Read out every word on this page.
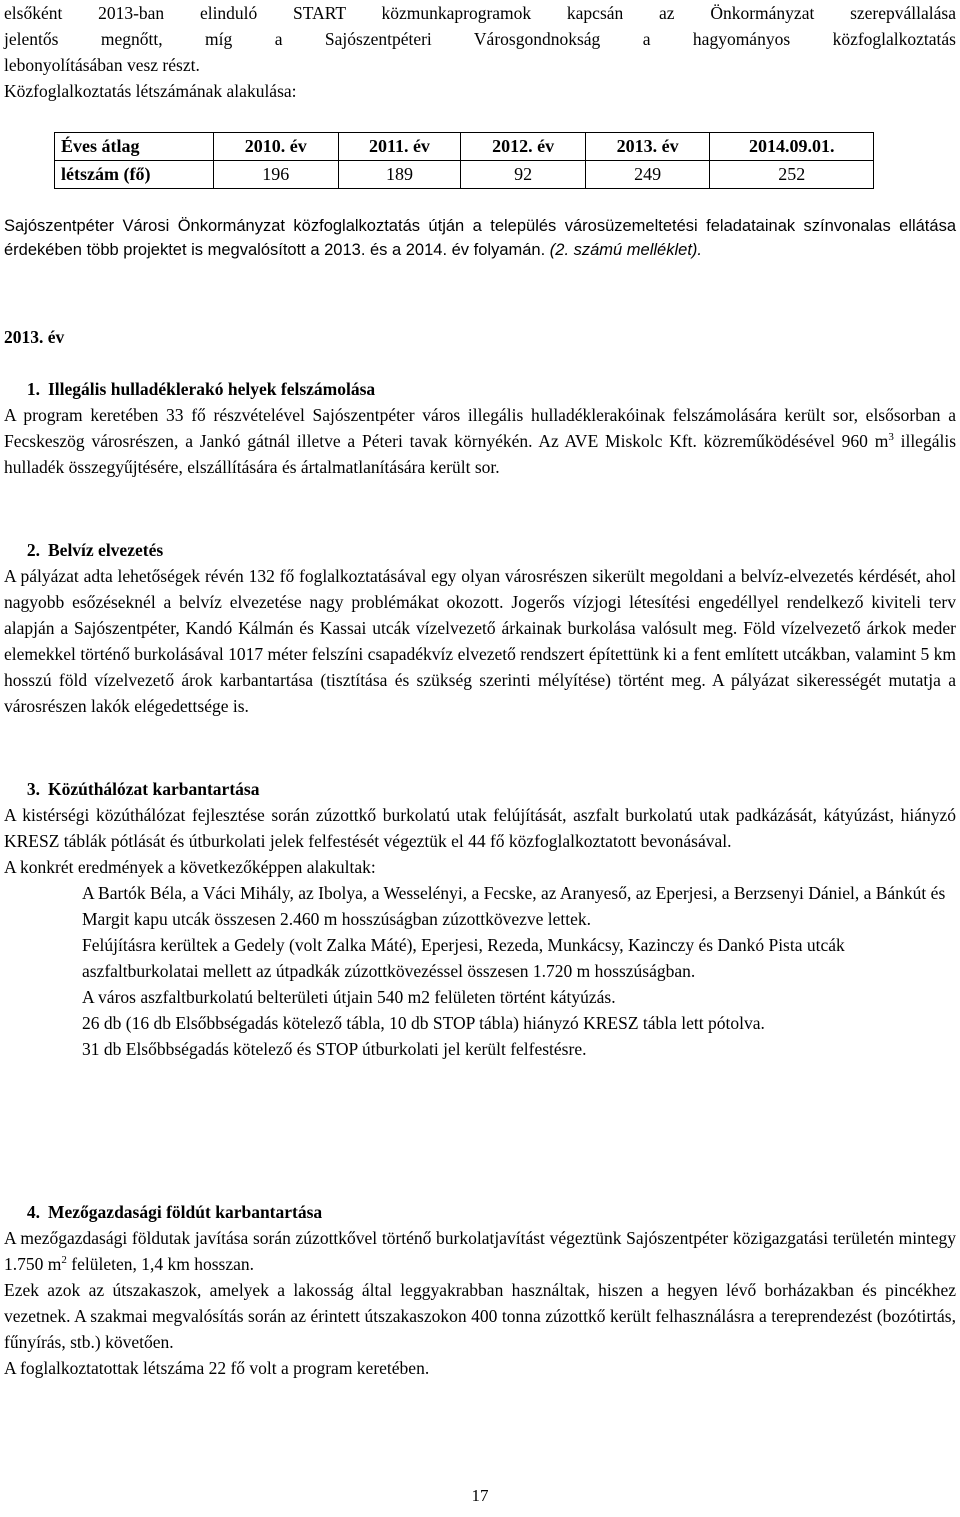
elsőként 2013-ban elinduló START közmunkaprogramok kapcsán az Önkormányzat szerepvállalása

jelentős megnőtt, míg a Sajószentpéteri Városgondnokság a hagyományos közfoglalkoztatás

lebonyolításában vesz részt.

Közfoglalkoztatás létszámának alakulása:

Éves átlag	2010. év	2011. év	2012. év	2013. év	2014.09.01.
létszám (fő)	196	189	92	249	252

Sajószentpéter Városi Önkormányzat közfoglalkoztatás útján a település városüzemeltetési feladatainak színvonalas ellátása érdekében több projektet is megvalósított a 2013. és a 2014. év folyamán. (2. számú melléklet).

2013. év

1. Illegális hulladéklerakó helyek felszámolása

A program keretében 33 fő részvételével Sajószentpéter város illegális hulladéklerakóinak felszámolására került sor, elsősorban a Fecskeszög városrészen, a Jankó gátnál illetve a Péteri tavak környékén. Az AVE Miskolc Kft. közreműködésével 960 $m^3$ illegális hulladék összegyűjtésére, elszállítására és ártalmatlanítására került sor.

2. Belvíz elvezetés

A pályázat adta lehetőségek révén 132 fő foglalkoztatásával egy olyan városrészen sikerült megoldani a belvíz-elvezetés kérdését, ahol nagyobb esőzéseknél a belvíz elvezetése nagy problémákat okozott. Jogerős vízjogi létesítési engedéllyel rendelkező kiviteli terv alapján a Sajószentpéter, Kandó Kálmán és Kassai utcák vízelvezető árkainak burkolása valósult meg. Föld vízelvezető árkok meder elemekkel történő burkolásával 1017 méter felszíni csapadékvíz elvezető rendszert építettünk ki a fent említett utcákban, valamint 5 km hosszú föld vízelvezető árok karbantartása (tisztítása és szükség szerinti mélyítése) történt meg. A pályázat sikerességét mutatja a városrészen lakók elégedettsége is.

3. Közúthálózat karbantartása

A kistérségi közúthálózat fejlesztése során zúzottkő burkolatú utak felújítását, aszfalt burkolatú utak padkázását, kátyúzást, hiányzó KRESZ táblák pótlását és útburkolati jelek felfestését végeztük el 44 fő közfoglalkoztatott bevonásával.

A konkrét eredmények a következőképpen alakultak:

A Bartók Béla, a Váci Mihály, az Ibolya, a Wesselényi, a Fecske, az Aranyeső, az Eperjesi, a Berzsenyi Dániel, a Bánkút és Margit kapu utcák összesen 2.460 m hosszúságban zúzottkövezve lettek.

Felújításra kerültek a Gedely (volt Zalka Máté), Eperjesi, Rezeda, Munkácsy, Kazinczy és Dankó Pista utcák aszfaltburkolatai mellett az útpadkák zúzottkövezéssel összesen 1.720 m hosszúságban.

A város aszfaltburkolatú belterületi útjain 540 m2 felületen történt kátyúzás.

26 db (16 db Elsőbbségadás kötelező tábla, 10 db STOP tábla) hiányzó KRESZ tábla lett pótolva.

31 db Elsőbbségadás kötelező és STOP útburkolati jel került felfestésre.

4. Mezőgazdasági földút karbantartása

A mezőgazdasági földutak javítása során zúzottkővel történő burkolatjavítást végeztünk Sajószentpéter közigazgatási területén mintegy 1.750 $m^2$ felületen, 1,4 km hosszan.

Ezek azok az útszakaszok, amelyek a lakosság által leggyakrabban használtak, hiszen a hegyen lévő borházakban és pincékhez vezetnek. A szakmai megvalósítás során az érintett útszakaszokon 400 tonna zúzottkő került felhasználásra a tereprendezést (bozótirtás, fűnyírás, stb.) követően.

A foglalkoztatottak létszáma 22 fő volt a program keretében.

17
